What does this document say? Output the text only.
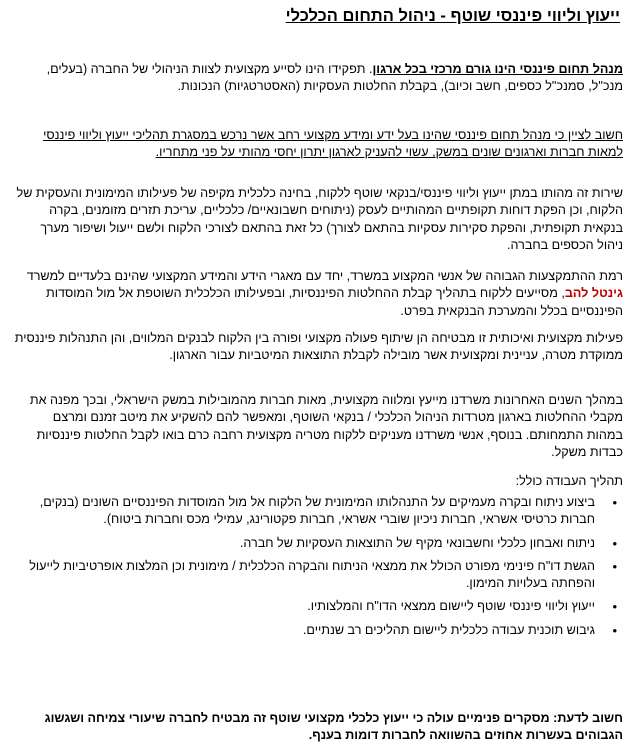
ייעוץ וליווי פיננסי שוטף - ניהול התחום הכלכלי
מנהל תחום פיננסי הינו גורם מרכזי בכל ארגון. תפקידו הינו לסייע מקצועית לצוות הניהולי של החברה (בעלים, מנכ"ל, סמנכ"ל כספים, חשב וכיוב), בקבלת החלטות העסקיות (האסטרטגיות) הנכונות.
חשוב לציין כי מנהל תחום פיננסי שהינו בעל ידע ומידע מקצועי רחב אשר נרכש במסגרת תהליכי ייעוץ וליווי פיננסי למאות חברות וארגונים שונים במשק, עשוי להעניק לארגון יתרון יחסי מהותי על פני מתחריו.
שירות זה מהותו במתן ייעוץ וליווי פיננסי/בנקאי שוטף ללקוח, בחינה כלכלית מקיפה של פעילותו המימונית והעסקית של הלקוח, וכן הפקת דוחות תקופתיים המהותיים לעסק (ניתוחים חשבונאיים/ כלכליים, עריכת תזרים מזומנים, בקרה בנקאית תקופתית, והפקת סקירות עסקיות בהתאם לצורך) כל זאת בהתאם לצורכי הלקוח ולשם ייעול ושיפור מערך ניהול הכספים בחברה.
רמת ההתמקצעות הגבוהה של אנשי המקצוע במשרד, יחד עם מאגרי הידע והמידע המקצועי שהינם בלעדיים למשרד גינטל להב, מסייעים ללקוח בתהליך קבלת ההחלטות הפיננסיות, ובפעילותו הכלכלית השוטפת אל מול המוסדות הפיננסיים בכלל והמערכת הבנקאית בפרט.
פעילות מקצועית ואיכותית זו מבטיחה הן שיתוף פעולה מקצועי ופורה בין הלקוח לבנקים המלווים, והן התנהלות פיננסית ממוקדת מטרה, עניינית ומקצועית אשר מובילה לקבלת התוצאות המיטביות עבור הארגון.
במהלך השנים האחרונות משרדנו מייעץ ומלווה מקצועית, מאות חברות מהמובילות במשק הישראלי, ובכך מפנה את מקבלי ההחלטות בארגון מטרדות הניהול הכלכלי / בנקאי השוטף, ומאפשר להם להשקיע את מיטב זמנם ומרצם במהות התמחותם. בנוסף, אנשי משרדנו מעניקים ללקוח מטריה מקצועית רחבה כרם בואו לקבל החלטות פיננסיות כבדות משקל.
תהליך העבודה כולל:
•
ביצוע ניתוח ובקרה מעמיקים על התנהלותו המימונית של הלקוח אל מול המוסדות הפיננסיים השונים (בנקים, חברות כרטיסי אשראי, חברות ניכיון שוברי אשראי, חברות פקטורינג, עמילי מכס וחברות ביטוח).
•
ניתוח ואבחון כלכלי וחשבונאי מקיף של התוצאות העסקיות של חברה.
•
הגשת דו"ח פינימי מפורט הכולל את ממצאי הניתוח והבקרה הכלכלית / מימונית וכן המלצות אופרטיביות לייעול והפחתה בעלויות המימון.
•
ייעוץ וליווי פיננסי שוטף ליישום ממצאי הדו"ח והמלצותיו.
•
גיבוש תוכנית עבודה כלכלית ליישום תהליכים רב שנתיים.
חשוב לדעת: מסקרים פנימיים עולה כי ייעוץ כלכלי מקצועי שוטף זה מבטיח לחברה שיעורי צמיחה ושגשוג הגבוהים בעשרות אחוזים בהשוואה לחברות דומות בענף.
